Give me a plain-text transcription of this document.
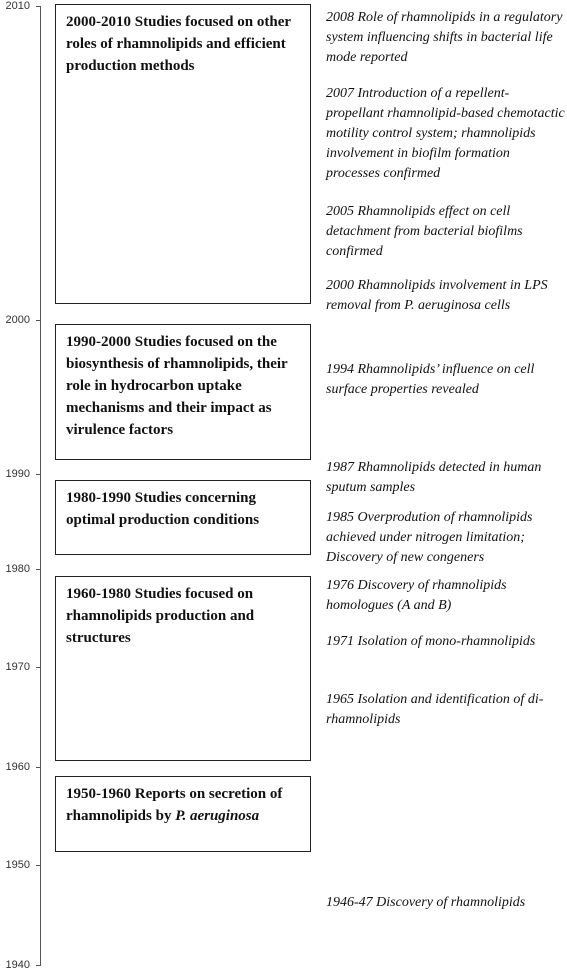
2010
2000
1990
1980
1970
1960
1950
1940
2000-2010 Studies focused on other roles of rhamnolipids and efficient production methods
1990-2000 Studies focused on the biosynthesis of rhamnolipids, their role in hydrocarbon uptake mechanisms and their impact as virulence factors
1980-1990 Studies concerning optimal production conditions
1960-1980 Studies focused on rhamnolipids production and structures
1950-1960 Reports on secretion of rhamnolipids by P. aeruginosa
2008 Role of rhamnolipids in a regulatory system influencing shifts in bacterial life mode reported
2007 Introduction of a repellent-propellant rhamnolipid-based chemotactic motility control system; rhamnolipids involvement in biofilm formation processes confirmed
2005 Rhamnolipids effect on cell detachment from bacterial biofilms confirmed
2000 Rhamnolipids involvement in LPS removal from P. aeruginosa cells
1994 Rhamnolipids’ influence on cell surface properties revealed
1987 Rhamnolipids detected in human sputum samples
1985 Overprodution of rhamnolipids achieved under nitrogen limitation; Discovery of new congeners
1976 Discovery of rhamnolipids homologues (A and B)
1971 Isolation of mono-rhamnolipids
1965 Isolation and identification of di-rhamnolipids
1946-47 Discovery of rhamnolipids
